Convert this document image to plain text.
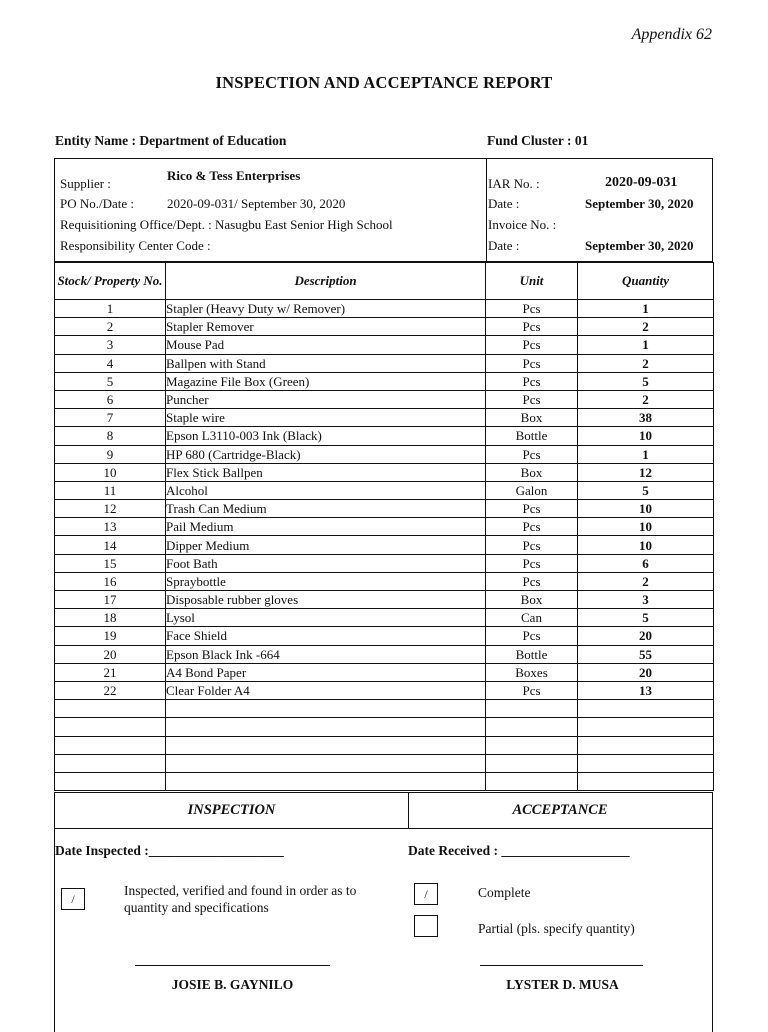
Appendix 62
INSPECTION AND ACCEPTANCE REPORT
Entity Name : Department of Education	Fund Cluster : 01
Supplier :
Rico & Tess Enterprises
PO No./Date :	2020-09-031/ September 30, 2020
Requisitioning Office/Dept. : Nasugbu East Senior High School
Responsibility Center Code :
IAR No. :	2020-09-031
Date :	September 30, 2020
Invoice No. :
Date :	September 30, 2020
Stock/ Property No.	Description	Unit	Quantity
1	Stapler (Heavy Duty w/ Remover)	Pcs	1
2	Stapler Remover	Pcs	2
3	Mouse Pad	Pcs	1
4	Ballpen with Stand	Pcs	2
5	Magazine File Box (Green)	Pcs	5
6	Puncher	Pcs	2
7	Staple wire	Box	38
8	Epson L3110-003 Ink (Black)	Bottle	10
9	HP 680 (Cartridge-Black)	Pcs	1
10	Flex Stick Ballpen	Box	12
11	Alcohol	Galon	5
12	Trash Can Medium	Pcs	10
13	Pail Medium	Pcs	10
14	Dipper Medium	Pcs	10
15	Foot Bath	Pcs	6
16	Spraybottle	Pcs	2
17	Disposable rubber gloves	Box	3
18	Lysol	Can	5
19	Face Shield	Pcs	20
20	Epson Black Ink -664	Bottle	55
21	A4 Bond Paper	Boxes	20
22	Clear Folder A4	Pcs	13

INSPECTION	ACCEPTANCE
Date Inspected :____________________	Date Received : ___________________
/
Inspected, verified and found in order as to quantity and specifications
/	Complete
Partial (pls. specify quantity)
JOSIE B. GAYNILO	LYSTER D. MUSA
